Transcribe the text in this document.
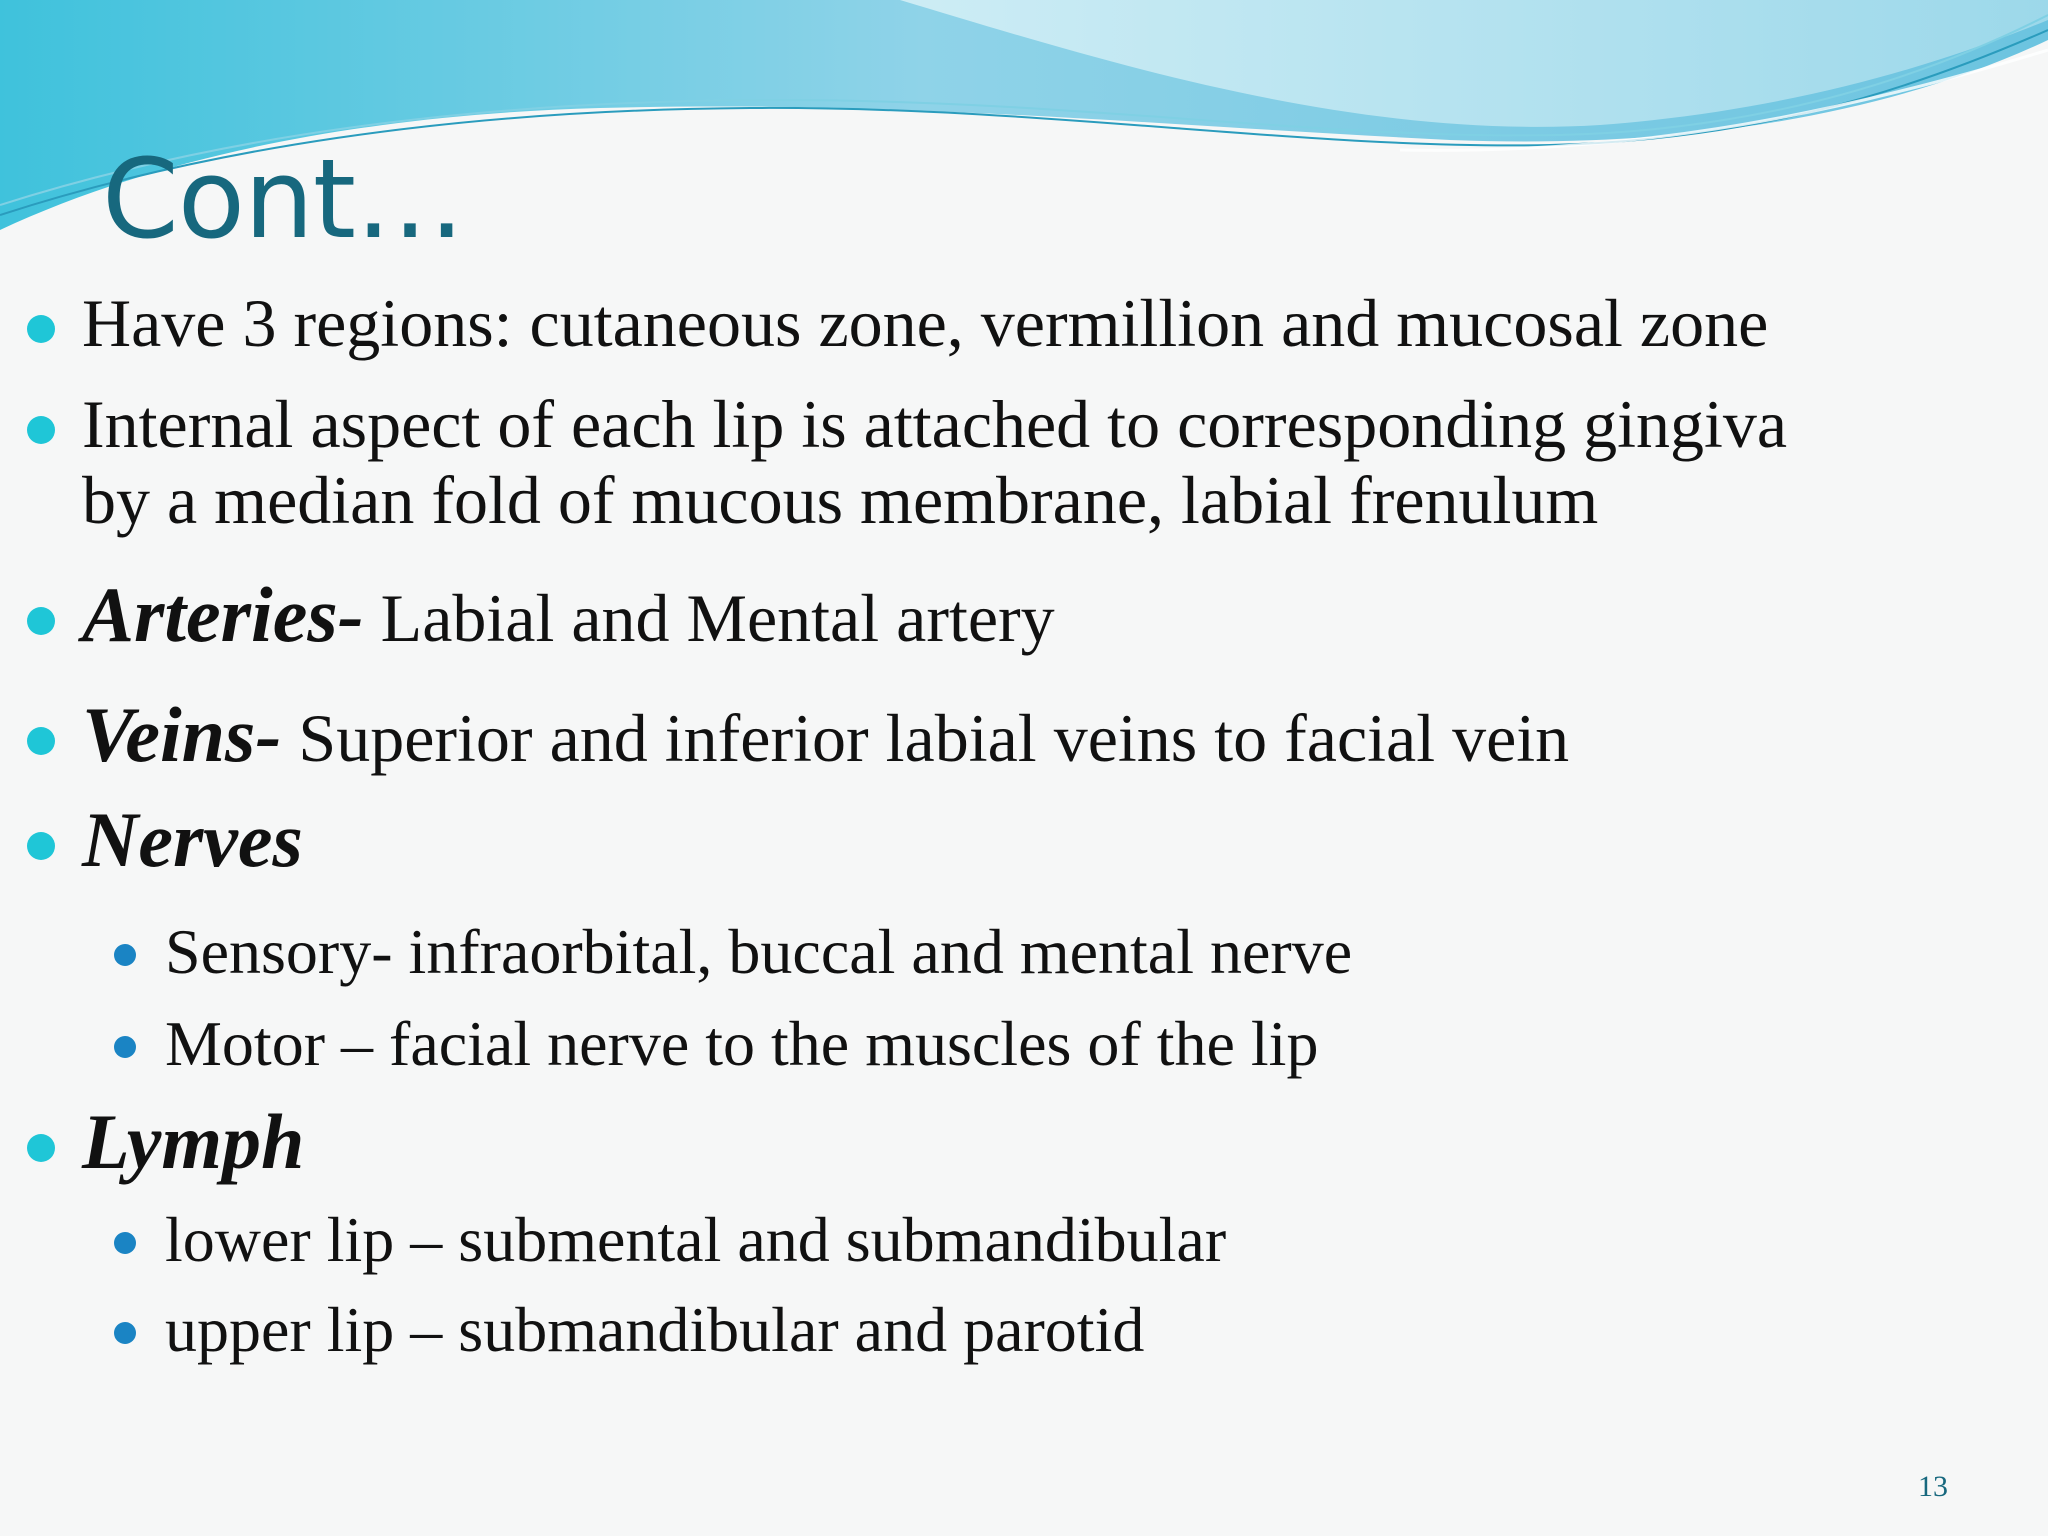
Cont…

Have 3 regions: cutaneous zone, vermillion and mucosal zone

Internal aspect of each lip is attached to corresponding gingiva

by a median fold of mucous membrane, labial frenulum

Arteries- Labial and Mental artery

Veins- Superior and inferior labial veins to facial vein

Nerves

Sensory- infraorbital, buccal and mental nerve

Motor – facial nerve to the muscles of the lip

Lymph

lower lip – submental and submandibular

upper lip – submandibular and parotid

13
